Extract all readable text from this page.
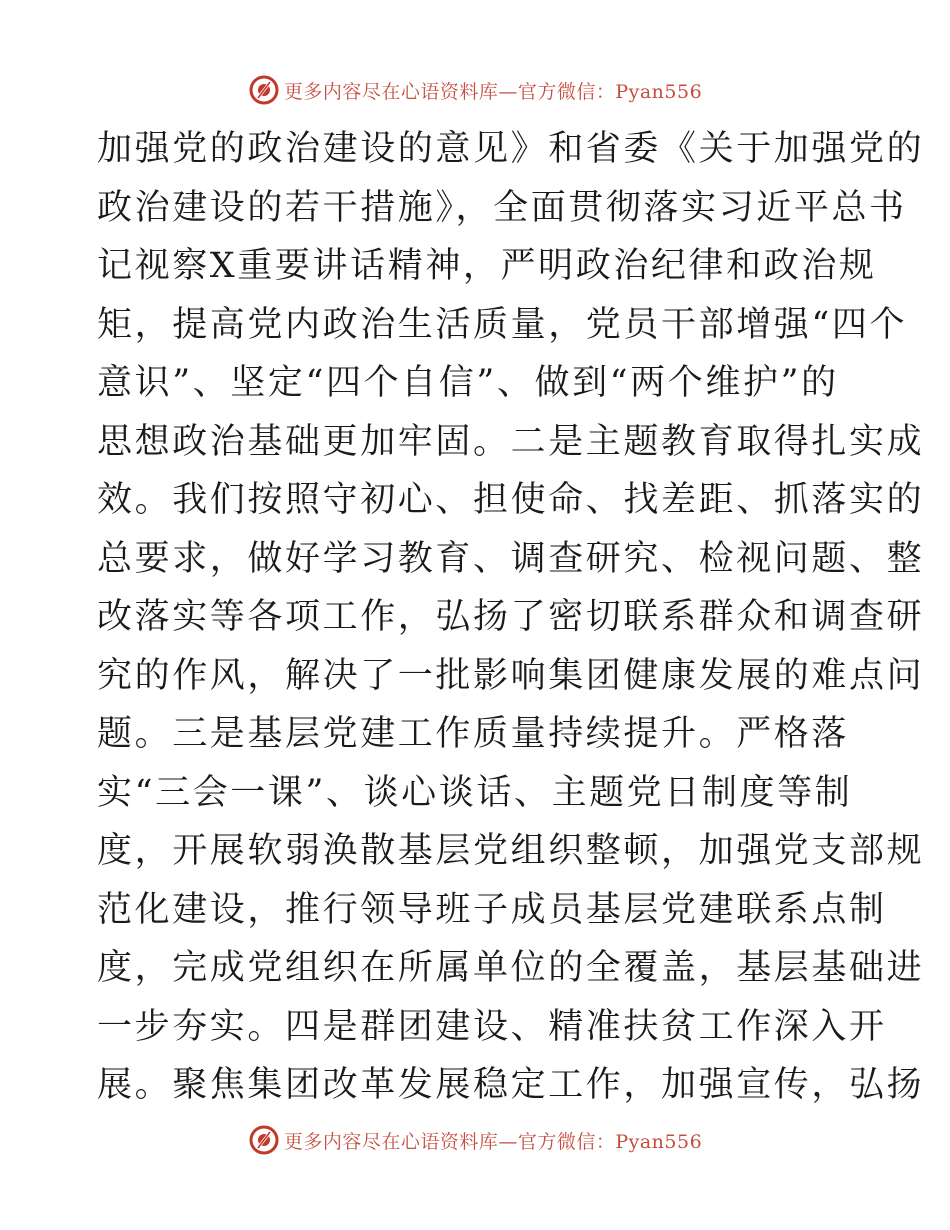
更多内容尽在心语资料库—官方微信：Pyan556
加强党的政治建设的意见》和省委《关于加强党的
政治建设的若干措施》，全面贯彻落实习近平总书
记视察X重要讲话精神，严明政治纪律和政治规
矩，提高党内政治生活质量，党员干部增强“四个
意识”、坚定“四个自信”、做到“两个维护”的
思想政治基础更加牢固。二是主题教育取得扎实成
效。我们按照守初心、担使命、找差距、抓落实的
总要求，做好学习教育、调查研究、检视问题、整
改落实等各项工作，弘扬了密切联系群众和调查研
究的作风，解决了一批影响集团健康发展的难点问
题。三是基层党建工作质量持续提升。严格落
实“三会一课”、谈心谈话、主题党日制度等制
度，开展软弱涣散基层党组织整顿，加强党支部规
范化建设，推行领导班子成员基层党建联系点制
度，完成党组织在所属单位的全覆盖，基层基础进
一步夯实。四是群团建设、精准扶贫工作深入开
展。聚焦集团改革发展稳定工作，加强宣传，弘扬
更多内容尽在心语资料库—官方微信：Pyan556
